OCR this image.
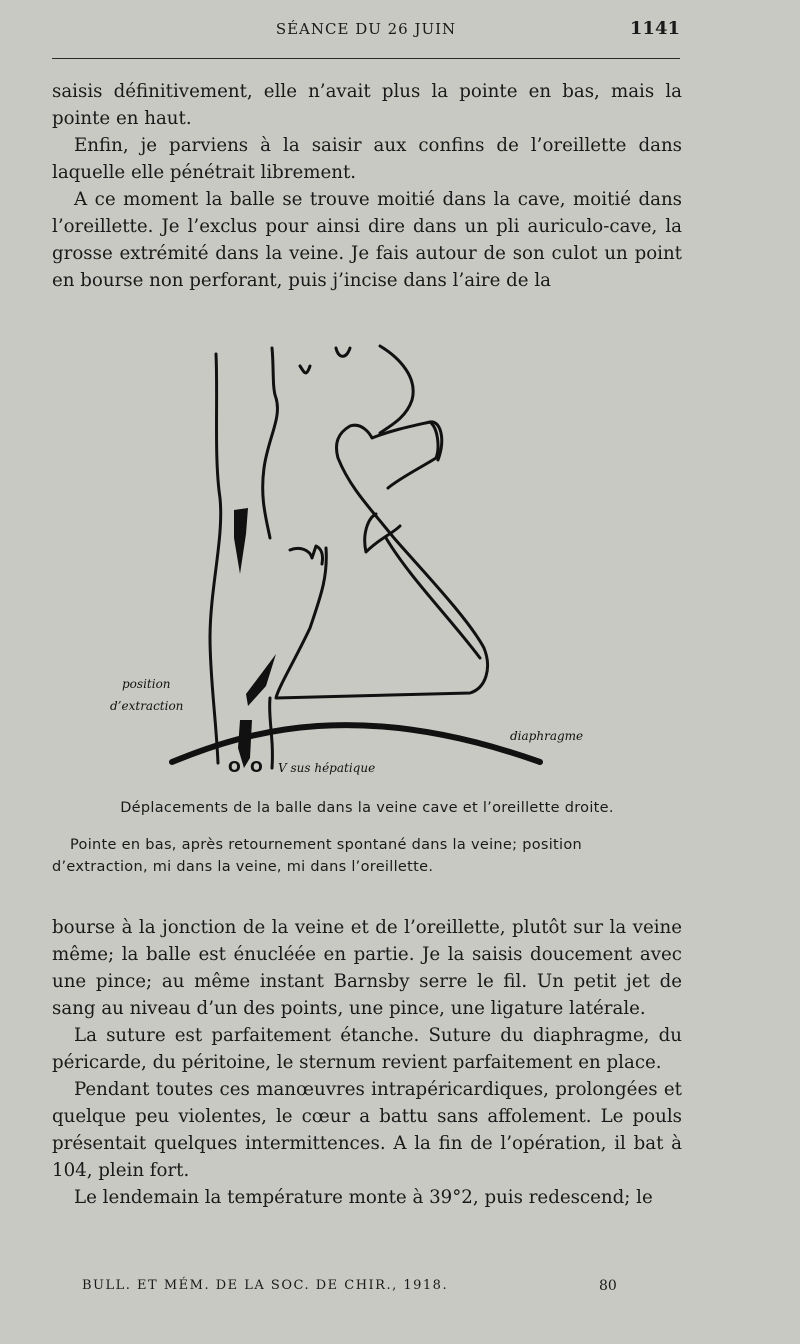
SÉANCE DU 26 JUIN	1141

saisis définitivement, elle n’avait plus la pointe en bas, mais la pointe en haut.

Enfin, je parviens à la saisir aux confins de l’oreillette dans laquelle elle pénétrait librement.

A ce moment la balle se trouve moitié dans la cave, moitié dans l’oreillette. Je l’exclus pour ainsi dire dans un pli auriculo-cave, la grosse extrémité dans la veine. Je fais autour de son culot un point en bourse non perforant, puis j’incise dans l’aire de la

position
d’extraction
diaphragme
O O V sus hépatique
Déplacements de la balle dans la veine cave et l’oreillette droite.
Pointe en bas, après retournement spontané dans la veine; position
d’extraction, mi dans la veine, mi dans l’oreillette.

bourse à la jonction de la veine et de l’oreillette, plutôt sur la veine même; la balle est énucléée en partie. Je la saisis doucement avec une pince; au même instant Barnsby serre le fil. Un petit jet de sang au niveau d’un des points, une pince, une ligature latérale.

La suture est parfaitement étanche. Suture du diaphragme, du péricarde, du péritoine, le sternum revient parfaitement en place.

Pendant toutes ces manœuvres intrapéricardiques, prolongées et quelque peu violentes, le cœur a battu sans affolement. Le pouls présentait quelques intermittences. A la fin de l’opération, il bat à 104, plein fort.

Le lendemain la température monte à 39°2, puis redescend; le

BULL. ET MÉM. DE LA SOC. DE CHIR., 1918.	80
